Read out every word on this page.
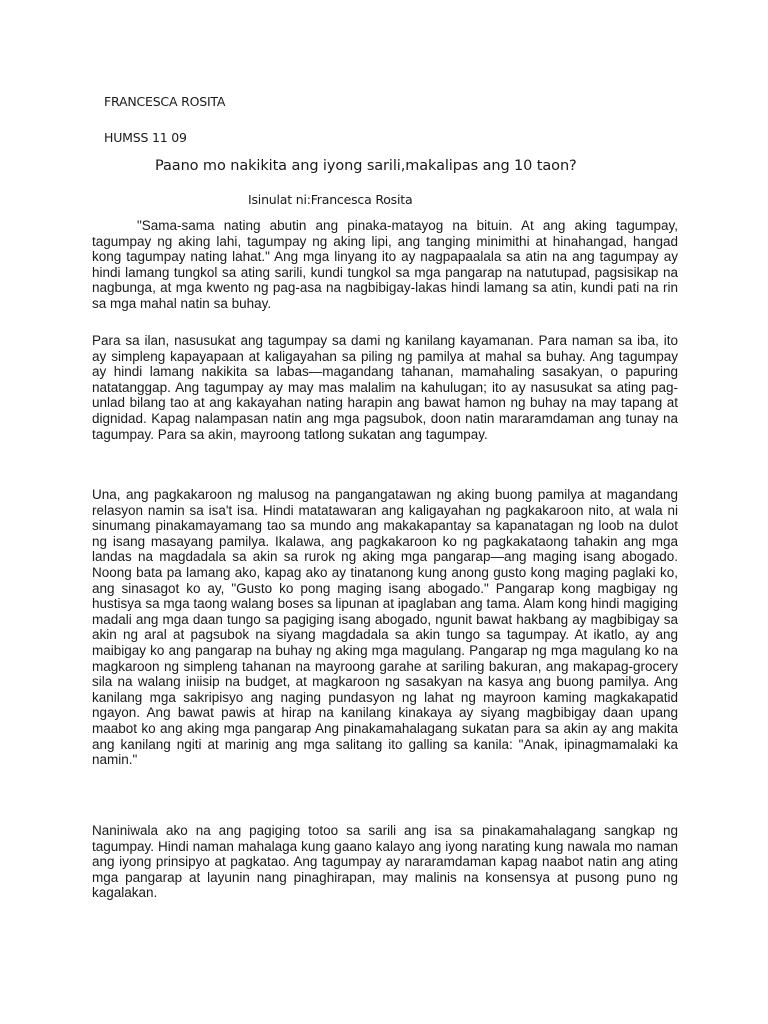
FRANCESCA ROSITA
HUMSS 11 09
Paano mo nakikita ang iyong sarili,makalipas ang 10 taon?
Isinulat ni:Francesca Rosita

"Sama-sama nating abutin ang pinaka-matayog na bituin. At ang aking tagumpay, tagumpay ng aking lahi, tagumpay ng aking lipi, ang tanging minimithi at hinahangad, hangad kong tagumpay nating lahat." Ang mga linyang ito ay nagpapaalala sa atin na ang tagumpay ay hindi lamang tungkol sa ating sarili, kundi tungkol sa mga pangarap na natutupad, pagsisikap na nagbunga, at mga kwento ng pag-asa na nagbibigay-lakas hindi lamang sa atin, kundi pati na rin sa mga mahal natin sa buhay.

Para sa ilan, nasusukat ang tagumpay sa dami ng kanilang kayamanan. Para naman sa iba, ito ay simpleng kapayapaan at kaligayahan sa piling ng pamilya at mahal sa buhay. Ang tagumpay ay hindi lamang nakikita sa labas—magandang tahanan, mamahaling sasakyan, o papuring natatanggap. Ang tagumpay ay may mas malalim na kahulugan; ito ay nasusukat sa ating pag-unlad bilang tao at ang kakayahan nating harapin ang bawat hamon ng buhay na may tapang at dignidad. Kapag nalampasan natin ang mga pagsubok, doon natin mararamdaman ang tunay na tagumpay. Para sa akin, mayroong tatlong sukatan ang tagumpay.

Una, ang pagkakaroon ng malusog na pangangatawan ng aking buong pamilya at magandang relasyon namin sa isa't isa. Hindi matatawaran ang kaligayahan ng pagkakaroon nito, at wala ni sinumang pinakamayamang tao sa mundo ang makakapantay sa kapanatagan ng loob na dulot ng isang masayang pamilya. Ikalawa, ang pagkakaroon ko ng pagkakataong tahakin ang mga landas na magdadala sa akin sa rurok ng aking mga pangarap—ang maging isang abogado. Noong bata pa lamang ako, kapag ako ay tinatanong kung anong gusto kong maging paglaki ko, ang sinasagot ko ay, "Gusto ko pong maging isang abogado." Pangarap kong magbigay ng hustisya sa mga taong walang boses sa lipunan at ipaglaban ang tama. Alam kong hindi magiging madali ang mga daan tungo sa pagiging isang abogado, ngunit bawat hakbang ay magbibigay sa akin ng aral at pagsubok na siyang magdadala sa akin tungo sa tagumpay. At ikatlo, ay ang maibigay ko ang pangarap na buhay ng aking mga magulang. Pangarap ng mga magulang ko na magkaroon ng simpleng tahanan na mayroong garahe at sariling bakuran, ang makapag-grocery sila na walang iniisip na budget, at magkaroon ng sasakyan na kasya ang buong pamilya. Ang kanilang mga sakripisyo ang naging pundasyon ng lahat ng mayroon kaming magkakapatid ngayon. Ang bawat pawis at hirap na kanilang kinakaya ay siyang magbibigay daan upang maabot ko ang aking mga pangarap Ang pinakamahalagang sukatan para sa akin ay ang makita ang kanilang ngiti at marinig ang mga salitang ito galling sa kanila: "Anak, ipinagmamalaki ka namin."

Naniniwala ako na ang pagiging totoo sa sarili ang isa sa pinakamahalagang sangkap ng tagumpay. Hindi naman mahalaga kung gaano kalayo ang iyong narating kung nawala mo naman ang iyong prinsipyo at pagkatao. Ang tagumpay ay nararamdaman kapag naabot natin ang ating mga pangarap at layunin nang pinaghirapan, may malinis na konsensya at pusong puno ng kagalakan.
